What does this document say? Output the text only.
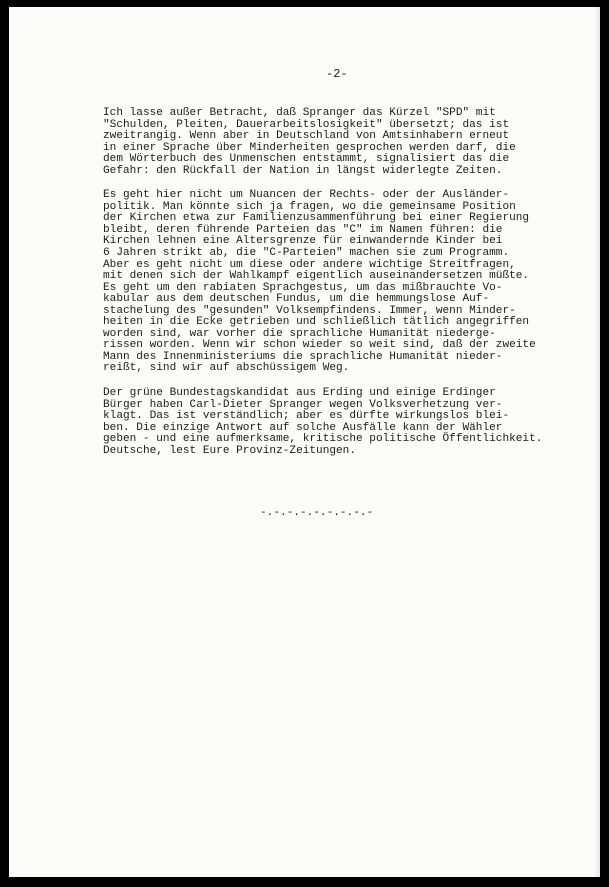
-2-
Ich lasse außer Betracht, daß Spranger das Kürzel "SPD" mit
"Schulden, Pleiten, Dauerarbeitslosigkeit" übersetzt; das ist
zweitrangig. Wenn aber in Deutschland von Amtsinhabern erneut
in einer Sprache über Minderheiten gesprochen werden darf, die
dem Wörterbuch des Unmenschen entstammt, signalisiert das die
Gefahr: den Rückfall der Nation in längst widerlegte Zeiten.
Es geht hier nicht um Nuancen der Rechts- oder der Ausländer-
politik. Man könnte sich ja fragen, wo die gemeinsame Position
der Kirchen etwa zur Familienzusammenführung bei einer Regierung
bleibt, deren führende Parteien das "C" im Namen führen: die
Kirchen lehnen eine Altersgrenze für einwandernde Kinder bei
6 Jahren strikt ab, die "C-Parteien" machen sie zum Programm.
Aber es geht nicht um diese oder andere wichtige Streitfragen,
mit denen sich der Wahlkampf eigentlich auseinandersetzen müßte.
Es geht um den rabiaten Sprachgestus, um das mißbrauchte Vo-
kabular aus dem deutschen Fundus, um die hemmungslose Auf-
stachelung des "gesunden" Volksempfindens. Immer, wenn Minder-
heiten in die Ecke getrieben und schließlich tätlich angegriffen
worden sind, war vorher die sprachliche Humanität niederge-
rissen worden. Wenn wir schon wieder so weit sind, daß der zweite
Mann des Innenministeriums die sprachliche Humanität nieder-
reißt, sind wir auf abschüssigem Weg.
Der grüne Bundestagskandidat aus Erding und einige Erdinger
Bürger haben Carl-Dieter Spranger wegen Volksverhetzung ver-
klagt. Das ist verständlich; aber es dürfte wirkungslos blei-
ben. Die einzige Antwort auf solche Ausfälle kann der Wähler
geben - und eine aufmerksame, kritische politische Öffentlichkeit.
Deutsche, lest Eure Provinz-Zeitungen.
-.-.-.-.-.-.-.-.-
